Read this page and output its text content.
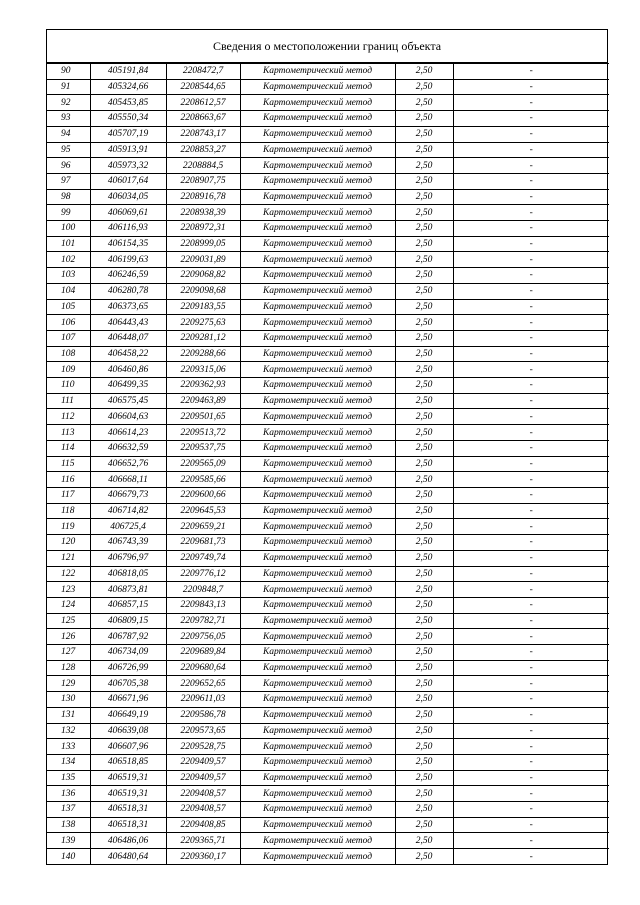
Сведения о местоположении границ объекта
90	405191,84	2208472,7	Картометрический метод	2,50	-
91	405324,66	2208544,65	Картометрический метод	2,50	-
92	405453,85	2208612,57	Картометрический метод	2,50	-
93	405550,34	2208663,67	Картометрический метод	2,50	-
94	405707,19	2208743,17	Картометрический метод	2,50	-
95	405913,91	2208853,27	Картометрический метод	2,50	-
96	405973,32	2208884,5	Картометрический метод	2,50	-
97	406017,64	2208907,75	Картометрический метод	2,50	-
98	406034,05	2208916,78	Картометрический метод	2,50	-
99	406069,61	2208938,39	Картометрический метод	2,50	-
100	406116,93	2208972,31	Картометрический метод	2,50	-
101	406154,35	2208999,05	Картометрический метод	2,50	-
102	406199,63	2209031,89	Картометрический метод	2,50	-
103	406246,59	2209068,82	Картометрический метод	2,50	-
104	406280,78	2209098,68	Картометрический метод	2,50	-
105	406373,65	2209183,55	Картометрический метод	2,50	-
106	406443,43	2209275,63	Картометрический метод	2,50	-
107	406448,07	2209281,12	Картометрический метод	2,50	-
108	406458,22	2209288,66	Картометрический метод	2,50	-
109	406460,86	2209315,06	Картометрический метод	2,50	-
110	406499,35	2209362,93	Картометрический метод	2,50	-
111	406575,45	2209463,89	Картометрический метод	2,50	-
112	406604,63	2209501,65	Картометрический метод	2,50	-
113	406614,23	2209513,72	Картометрический метод	2,50	-
114	406632,59	2209537,75	Картометрический метод	2,50	-
115	406652,76	2209565,09	Картометрический метод	2,50	-
116	406668,11	2209585,66	Картометрический метод	2,50	-
117	406679,73	2209600,66	Картометрический метод	2,50	-
118	406714,82	2209645,53	Картометрический метод	2,50	-
119	406725,4	2209659,21	Картометрический метод	2,50	-
120	406743,39	2209681,73	Картометрический метод	2,50	-
121	406796,97	2209749,74	Картометрический метод	2,50	-
122	406818,05	2209776,12	Картометрический метод	2,50	-
123	406873,81	2209848,7	Картометрический метод	2,50	-
124	406857,15	2209843,13	Картометрический метод	2,50	-
125	406809,15	2209782,71	Картометрический метод	2,50	-
126	406787,92	2209756,05	Картометрический метод	2,50	-
127	406734,09	2209689,84	Картометрический метод	2,50	-
128	406726,99	2209680,64	Картометрический метод	2,50	-
129	406705,38	2209652,65	Картометрический метод	2,50	-
130	406671,96	2209611,03	Картометрический метод	2,50	-
131	406649,19	2209586,78	Картометрический метод	2,50	-
132	406639,08	2209573,65	Картометрический метод	2,50	-
133	406607,96	2209528,75	Картометрический метод	2,50	-
134	406518,85	2209409,57	Картометрический метод	2,50	-
135	406519,31	2209409,57	Картометрический метод	2,50	-
136	406519,31	2209408,57	Картометрический метод	2,50	-
137	406518,31	2209408,57	Картометрический метод	2,50	-
138	406518,31	2209408,85	Картометрический метод	2,50	-
139	406486,06	2209365,71	Картометрический метод	2,50	-
140	406480,64	2209360,17	Картометрический метод	2,50	-
